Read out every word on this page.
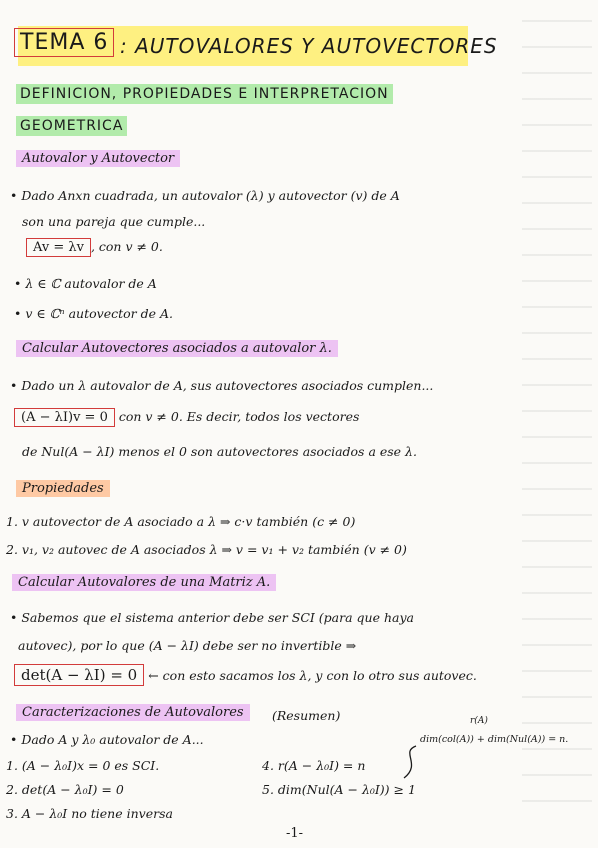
TEMA 6 : AUTOVALORES Y AUTOVECTORES
DEFINICION, PROPIEDADES E INTERPRETACION
GEOMETRICA
Autovalor y Autovector
• Dado Anxn cuadrada, un autovalor (λ) y autovector (v) de A
son una pareja que cumple...
Av = λv , con v ≠ 0.
• λ ∈ ℂ autovalor de A
• v ∈ ℂⁿ autovector de A.
Calcular Autovectores asociados a autovalor λ.
• Dado un λ autovalor de A, sus autovectores asociados cumplen...
(A − λI)v = 0 con v ≠ 0. Es decir, todos los vectores
de Nul(A − λI) menos el 0 son autovectores asociados a ese λ.
Propiedades
1. v autovector de A asociado a λ ⇒ c·v también (c ≠ 0)
2. v₁, v₂ autovec de A asociados λ ⇒ v = v₁ + v₂ también (v ≠ 0)
Calcular Autovalores de una Matriz A.
• Sabemos que el sistema anterior debe ser SCI (para que haya
autovec), por lo que (A − λI) debe ser no invertible ⇒
det(A − λI) = 0 ← con esto sacamos los λ, y con lo otro sus autovec.
Caracterizaciones de Autovalores	(Resumen)	r(A)
dim(col(A)) + dim(Nul(A)) = n.
• Dado A y λ₀ autovalor de A...
1. (A − λ₀I)x = 0 es SCI.
2. det(A − λ₀I) = 0
3. A − λ₀I no tiene inversa
4. r(A − λ₀I) = n
5. dim(Nul(A − λ₀I)) ≥ 1
-1-
